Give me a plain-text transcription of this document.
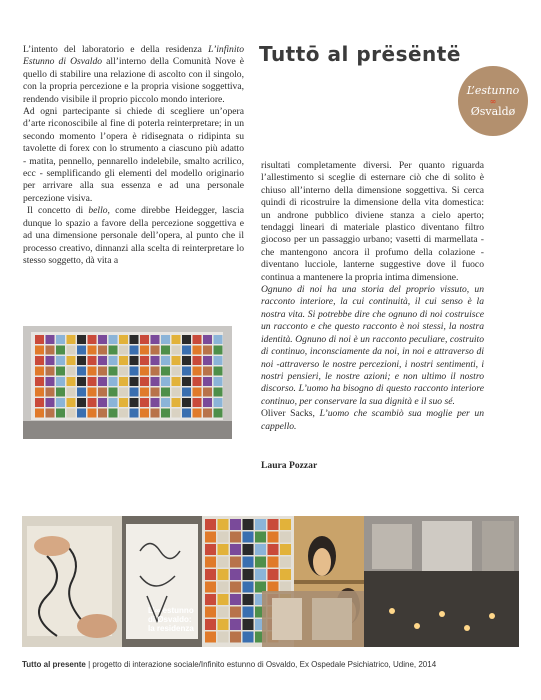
L’intento del laboratorio e della residenza L’infinito Estunno di Osvaldo all’interno della Comunità Nove è quello di stabilire una relazione di ascolto con il singolo, con la propria percezione e la propria visione soggettiva, rendendo visibile il proprio piccolo mondo interiore.

Ad ogni partecipante si chiede di scegliere un’opera d’arte riconoscibile al fine di poterla reinterpretare; in un secondo momento l’opera è ridisegnata o ridipinta su tavolette di forex con lo strumento a ciascuno più adatto - matita, pennello, pennarello indelebile, smalto acrilico, ecc - semplificando gli elementi del modello originario per arrivare alla sua essenza e ad una personale percezione visiva.

Il concetto di bello, come direbbe Heidegger, lascia dunque lo spazio a favore della percezione soggettiva e ad una dimensione personale dell’opera, al punto che il processo creativo, dinnanzi alla scelta di reinterpretare lo stesso soggetto, dà vita a

Tuttō al prësëntë
L’estunno
∞
Øsvaldø

risultati completamente diversi. Per quanto riguarda l’allestimento si sceglie di esternare ciò che di solito è chiuso all’interno della dimensione soggettiva. Si cerca quindi di ricostruire la dimensione della vita domestica: un androne pubblico diviene stanza a cielo aperto; tendaggi lineari di materiale plastico diventano filtro giocoso per un passaggio urbano; vasetti di marmellata - che mantengono ancora il profumo della colazione - diventano lucciole, lanterne suggestive dove il fuoco continua a mantenere la propria intima dimensione.

Ognuno di noi ha una storia del proprio vissuto, un racconto interiore, la cui continuità, il cui senso è la nostra vita. Si potrebbe dire che ognuno di noi costruisce un racconto e che questo racconto è noi stessi, la nostra identità. Ognuno di noi è un racconto peculiare, costruito di continuo, inconsciamente da noi, in noi e attraverso di noi -attraverso le nostre percezioni, i nostri sentimenti, i nostri pensieri, le nostre azioni; e non ultimo il nostro discorso. L’uomo ha bisogno di questo racconto interiore continuo, per conservare la sua dignità e il suo sé.

Oliver Sacks, L’uomo che scambiò sua moglie per un cappello.

Laura Pozzar
L’∞ estunno
di Øsvaldo:
la residenza
Tutto al presente | progetto di interazione sociale/Infinito estunno di Osvaldo, Ex Ospedale Psichiatrico, Udine, 2014
